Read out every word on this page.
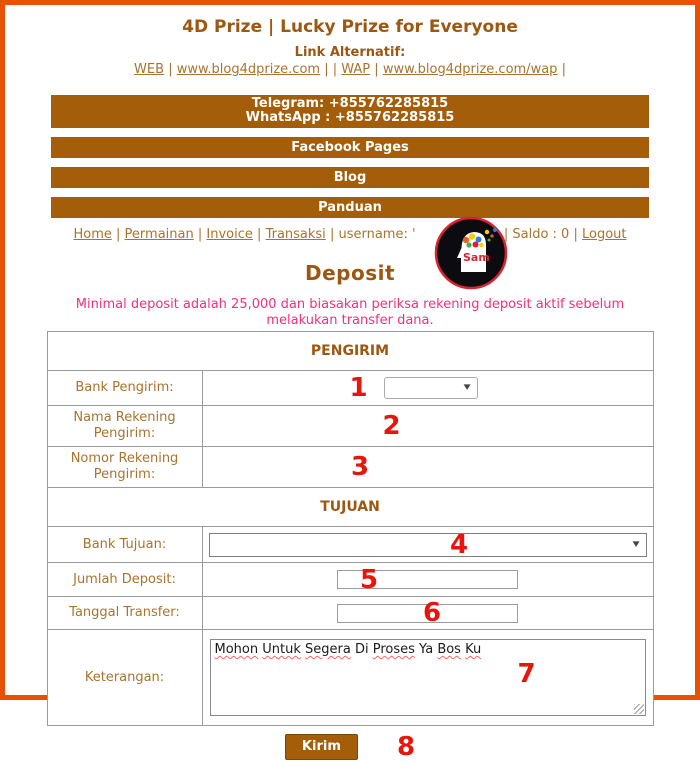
4D Prize | Lucky Prize for Everyone
Link Alternatif:
WEB | www.blog4dprize.com | | WAP | www.blog4dprize.com/wap |
Telegram: +855762285815
WhatsApp : +855762285815
Facebook Pages
Blog
Panduan
Home | Permainan | Invoice | Transaksi | username: '	| Saldo : 0 | Logout
Sam
Deposit
Minimal deposit adalah 25,000 dan biasakan periksa rekening deposit aktif sebelum melakukan transfer dana.
PENGIRIM	
Bank Pengirim:	1 ▼

Nama Rekening Pengirim:	2

Nomor Rekening Pengirim:	3

TUJUAN	
Bank Tujuan:	4 ▼

Jumlah Deposit:	5

Tanggal Transfer:	6

Keterangan:	7
Mohon Untuk Segera Di Proses Ya Bos Ku
Kirim 8
